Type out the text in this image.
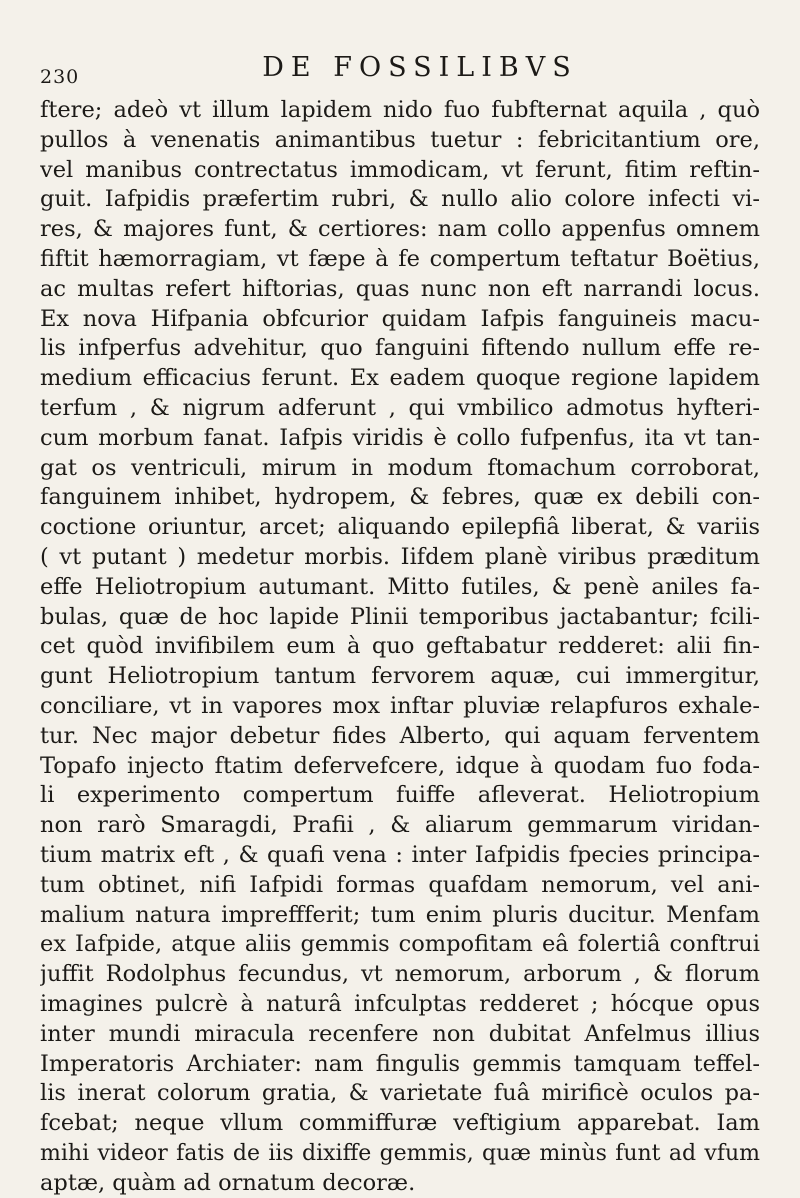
230	DE FOSSILIBVS
ftere; adeò vt illum lapidem nido fuo fubfternat aquila , quò
pullos à venenatis animantibus tuetur : febricitantium ore,
vel manibus contrectatus immodicam, vt ferunt, fitim reftin-
guit. Iafpidis præfertim rubri, & nullo alio colore infecti vi-
res, & majores funt, & certiores: nam collo appenfus omnem
fiftit hæmorragiam, vt fæpe à fe compertum teftatur Boëtius,
ac multas refert hiftorias, quas nunc non eft narrandi locus.
Ex nova Hifpania obfcurior quidam Iafpis fanguineis macu-
lis infperfus advehitur, quo fanguini fiftendo nullum effe re-
medium efficacius ferunt. Ex eadem quoque regione lapidem
terfum , & nigrum adferunt , qui vmbilico admotus hyfteri-
cum morbum fanat. Iafpis viridis è collo fufpenfus, ita vt tan-
gat os ventriculi, mirum in modum ftomachum corroborat,
fanguinem inhibet, hydropem, & febres, quæ ex debili con-
coctione oriuntur, arcet; aliquando epilepfiâ liberat, & variis
( vt putant ) medetur morbis. Iifdem planè viribus præditum
effe Heliotropium autumant. Mitto futiles, & penè aniles fa-
bulas, quæ de hoc lapide Plinii temporibus jactabantur; fcili-
cet quòd invifibilem eum à quo geftabatur redderet: alii fin-
gunt Heliotropium tantum fervorem aquæ, cui immergitur,
conciliare, vt in vapores mox inftar pluviæ relapfuros exhale-
tur. Nec major debetur fides Alberto, qui aquam ferventem
Topafo injecto ftatim defervefcere, idque à quodam fuo foda-
li experimento compertum fuiffe afleverat. Heliotropium
non rarò Smaragdi, Prafii , & aliarum gemmarum viridan-
tium matrix eft , & quafi vena : inter Iafpidis fpecies principa-
tum obtinet, nifi Iafpidi formas quafdam nemorum, vel ani-
malium natura impreffferit; tum enim pluris ducitur. Menfam
ex Iafpide, atque aliis gemmis compofitam eâ folertiâ conftrui
juffit Rodolphus fecundus, vt nemorum, arborum , & florum
imagines pulcrè à naturâ infculptas redderet ; hócque opus
inter mundi miracula recenfere non dubitat Anfelmus illius
Imperatoris Archiater: nam fingulis gemmis tamquam teffel-
lis inerat colorum gratia, & varietate fuâ mirificè oculos pa-
fcebat; neque vllum commiffuræ veftigium apparebat. Iam
mihi videor fatis de iis dixiffe gemmis, quæ minùs funt ad vfum
aptæ, quàm ad ornatum decoræ.
